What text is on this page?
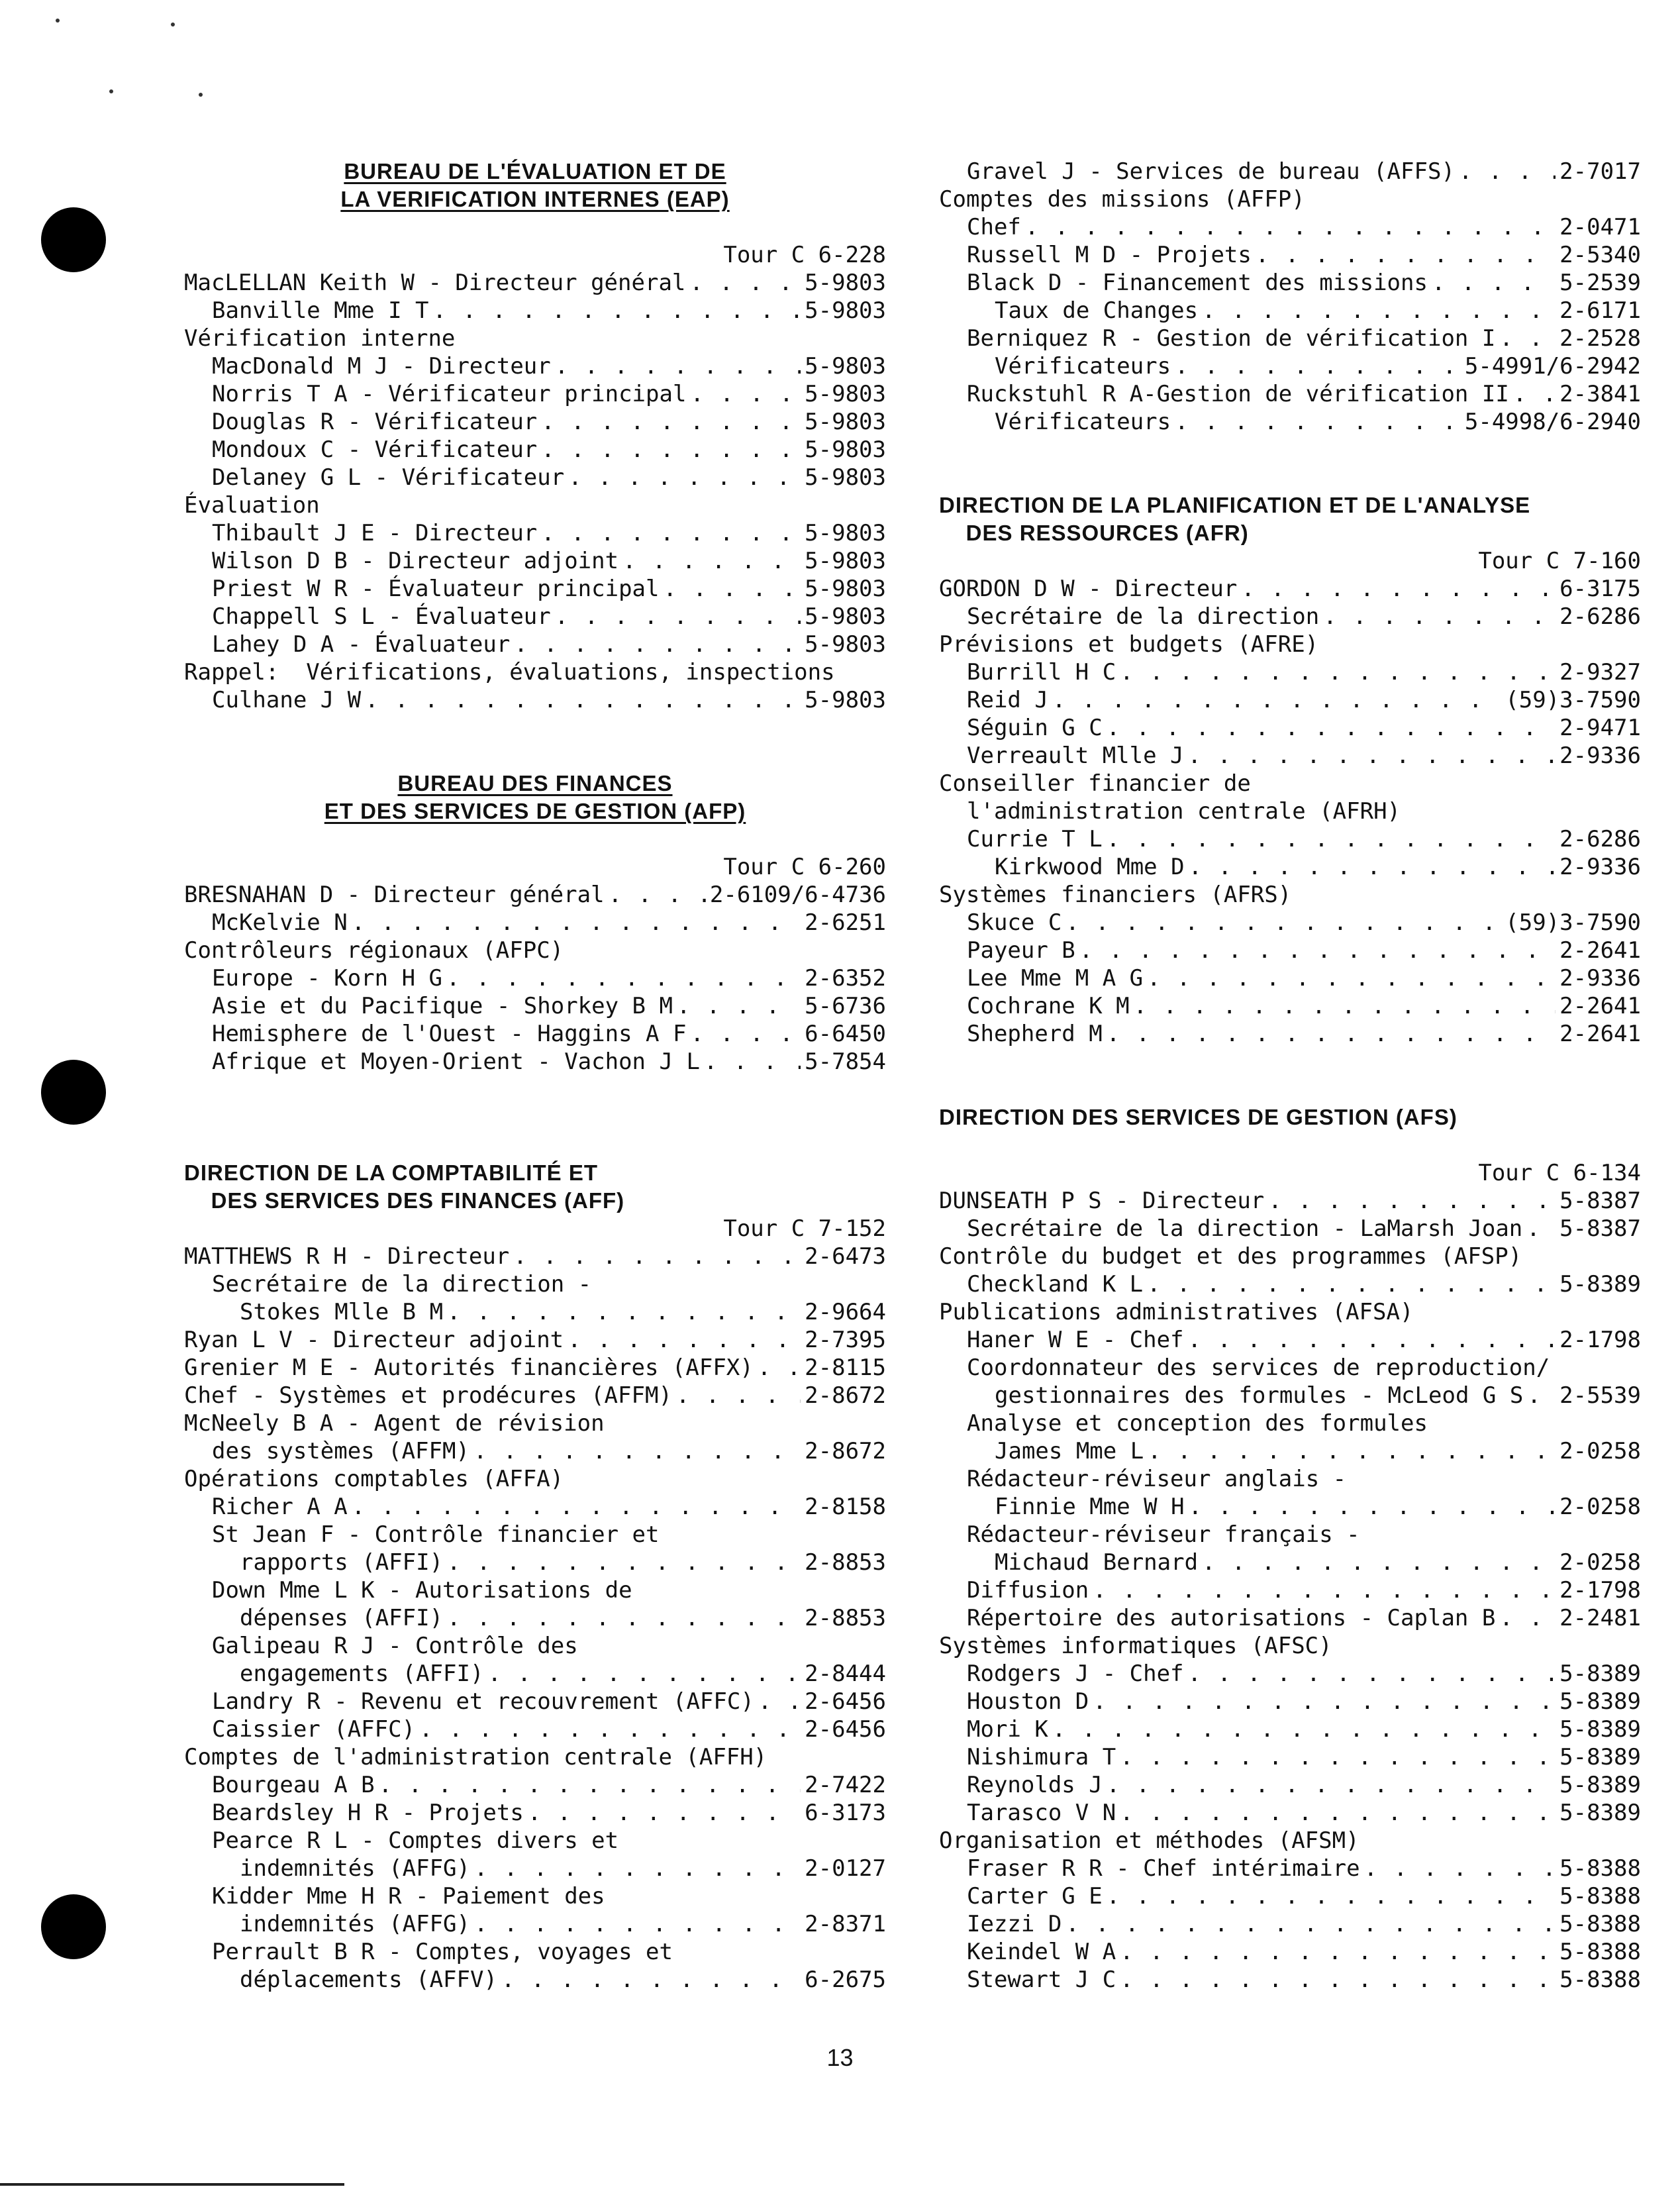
BUREAU DE L'ÉVALUATION ET DE
LA VERIFICATION INTERNES (EAP)
Tour C 6-228
MacLELLAN Keith W - Directeur général . . .	5-9803
Banville Mme I T . . .	5-9803
Vérification interne
MacDonald M J - Directeur . . .	5-9803
Norris T A - Vérificateur principal . . .	5-9803
Douglas R - Vérificateur . . .	5-9803
Mondoux C - Vérificateur . . .	5-9803
Delaney G L - Vérificateur . . .	5-9803
Évaluation
Thibault J E - Directeur . . .	5-9803
Wilson D B - Directeur adjoint . . .	5-9803
Priest W R - Évaluateur principal . . .	5-9803
Chappell S L - Évaluateur . . .	5-9803
Lahey D A - Évaluateur . . .	5-9803
Rappel:  Vérifications, évaluations, inspections
Culhane J W . . .	5-9803
BUREAU DES FINANCES
ET DES SERVICES DE GESTION (AFP)
Tour C 6-260
BRESNAHAN D - Directeur général . . .	2-6109/6-4736
McKelvie N . . .	2-6251
Contrôleurs régionaux (AFPC)
Europe - Korn H G . . .	2-6352
Asie et du Pacifique - Shorkey B M . . .	5-6736
Hemisphere de l'Ouest - Haggins A F . . .	6-6450
Afrique et Moyen-Orient - Vachon J L . . .	5-7854
DIRECTION DE LA COMPTABILITÉ ET
DES SERVICES DES FINANCES (AFF)
Tour C 7-152
MATTHEWS R H - Directeur . . .	2-6473
Secrétaire de la direction -
Stokes Mlle B M . . .	2-9664
Ryan L V - Directeur adjoint . . .	2-7395
Grenier M E - Autorités financières (AFFX) . . . 2-8115
Chef - Systèmes et prodécures (AFFM) . . .	2-8672
McNeely B A - Agent de révision
des systèmes (AFFM) . . .	2-8672
Opérations comptables (AFFA)
Richer A A . . .	2-8158
St Jean F - Contrôle financier et
rapports (AFFI) . . .	2-8853
Down Mme L K - Autorisations de
dépenses (AFFI) . . .	2-8853
Galipeau R J - Contrôle des
engagements (AFFI) . . .	2-8444
Landry R - Revenu et recouvrement (AFFC) . . . 2-6456
Caissier (AFFC) . . .	2-6456
Comptes de l'administration centrale (AFFH)
Bourgeau A B . . .	2-7422
Beardsley H R - Projets . . .	6-3173
Pearce R L - Comptes divers et
indemnités (AFFG) . . .	2-0127
Kidder Mme H R - Paiement des
indemnités (AFFG) . . .	2-8371
Perrault B R - Comptes, voyages et
déplacements (AFFV) . . .	6-2675
Gravel J - Services de bureau (AFFS) . . .	2-7017
Comptes des missions (AFFP)
Chef . . .	2-0471
Russell M D - Projets . . .	2-5340
Black D - Financement des missions . . .	5-2539
Taux de Changes . . .	2-6171
Berniquez R - Gestion de vérification I . . .	2-2528
Vérificateurs . . .	5-4991/6-2942
Ruckstuhl R A-Gestion de vérification II . . . 2-3841
Vérificateurs . . .	5-4998/6-2940
DIRECTION DE LA PLANIFICATION ET DE L'ANALYSE
DES RESSOURCES (AFR)
Tour C 7-160
GORDON D W - Directeur . . .	6-3175
Secrétaire de la direction . . .	2-6286
Prévisions et budgets (AFRE)
Burrill H C . . .	2-9327
Reid J . . .	(59)3-7590
Séguin G C . . .	2-9471
Verreault Mlle J . . .	2-9336
Conseiller financier de
l'administration centrale (AFRH)
Currie T L . . .	2-6286
Kirkwood Mme D . . .	2-9336
Systèmes financiers (AFRS)
Skuce C . . .	(59)3-7590
Payeur B . . .	2-2641
Lee Mme M A G . . .	2-9336
Cochrane K M . . .	2-2641
Shepherd M . . .	2-2641
DIRECTION DES SERVICES DE GESTION (AFS)
Tour C 6-134
DUNSEATH P S - Directeur . . .	5-8387
Secrétaire de la direction - LaMarsh Joan . . . 5-8387
Contrôle du budget et des programmes (AFSP)
Checkland K L . . .	5-8389
Publications administratives (AFSA)
Haner W E - Chef . . .	2-1798
Coordonnateur des services de reproduction/
gestionnaires des formules - McLeod G S . . . 2-5539
Analyse et conception des formules
James Mme L . . .	2-0258
Rédacteur-réviseur anglais -
Finnie Mme W H . . .	2-0258
Rédacteur-réviseur français -
Michaud Bernard . . .	2-0258
Diffusion . . .	2-1798
Répertoire des autorisations - Caplan B . . .	2-2481
Systèmes informatiques (AFSC)
Rodgers J - Chef . . .	5-8389
Houston D . . .	5-8389
Mori K . . .	5-8389
Nishimura T . . .	5-8389
Reynolds J . . .	5-8389
Tarasco V N . . .	5-8389
Organisation et méthodes (AFSM)
Fraser R R - Chef intérimaire . . .	5-8388
Carter G E . . .	5-8388
Iezzi D . . .	5-8388
Keindel W A . . .	5-8388
Stewart J C . . .	5-8388
13
